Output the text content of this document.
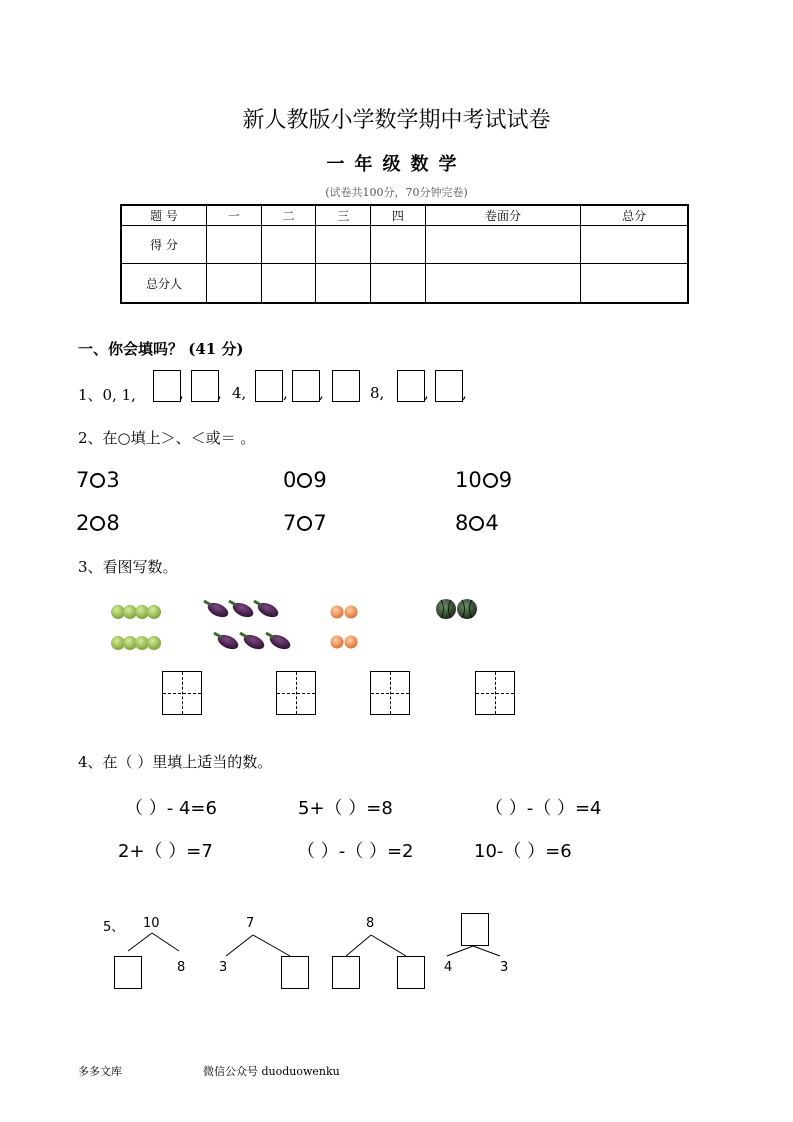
新人教版小学数学期中考试试卷
一年级数学
(试卷共100分，70分钟完卷)
题 号	一	二	三	四	卷面分	总分
得 分						
总分人						
一、你会填吗？ (41 分)
1、0, 1,	, , 4, , ,	8,	, ,
2、在○填上＞、＜或＝ 。
7 3	0 9	10 9
2 8	7 7	8 4
3、看图写数。
4、在（ ）里填上适当的数。
（ ）- 4=6	5+（ ）=8	（ ）-（ ）=4
2+（ ）=7	（ ）-（ ）=2	10-（ ）=6
5、 10
8
7
3
8
4	3
多多文库	微信公众号 duoduowenku
